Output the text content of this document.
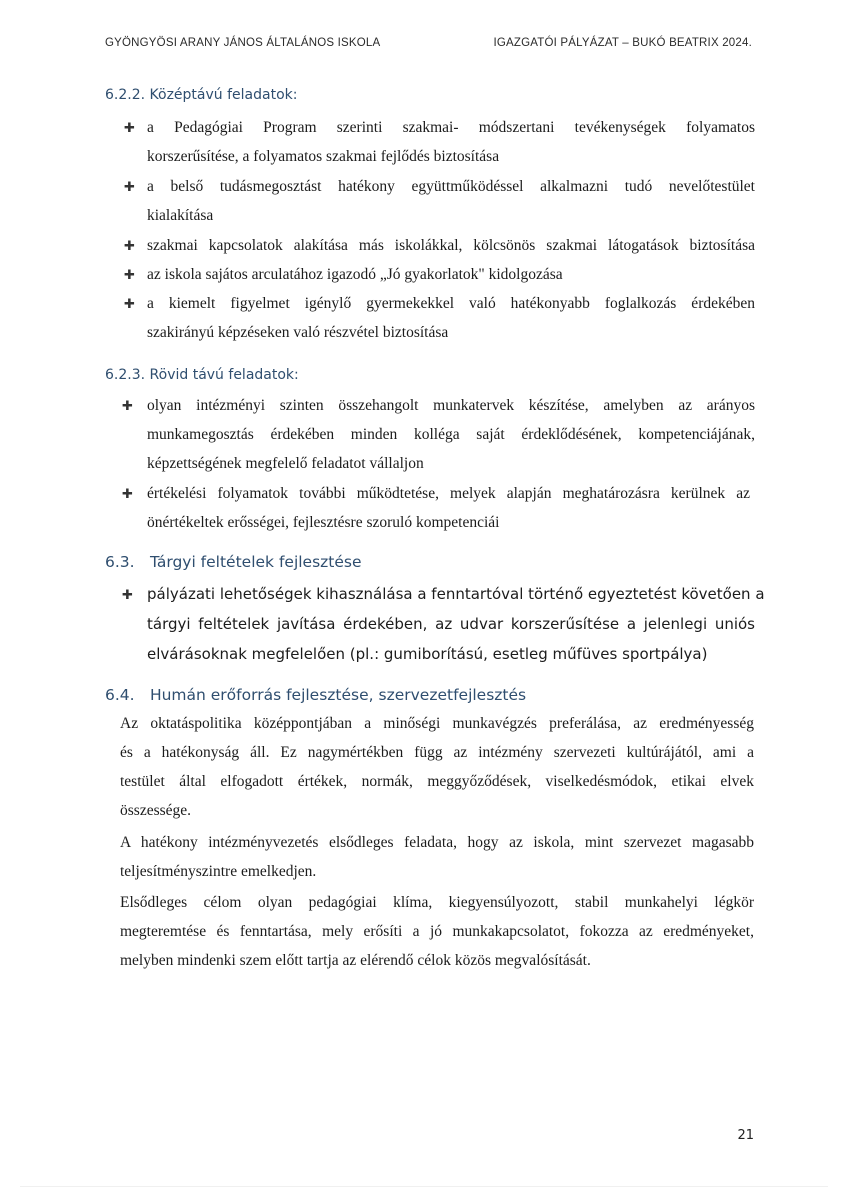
GYÖNGYÖSI ARANY JÁNOS ÁLTALÁNOS ISKOLA	IGAZGATÓI PÁLYÁZAT – BUKÓ BEATRIX 2024.
6.2.2. Középtávú feladatok:
✚ a Pedagógiai Program szerinti szakmai- módszertani tevékenységek folyamatos
korszerűsítése, a folyamatos szakmai fejlődés biztosítása
✚ a belső tudásmegosztást hatékony együttműködéssel alkalmazni tudó nevelőtestület
kialakítása
✚ szakmai kapcsolatok alakítása más iskolákkal, kölcsönös szakmai látogatások biztosítása
✚ az iskola sajátos arculatához igazodó „Jó gyakorlatok" kidolgozása
✚ a kiemelt figyelmet igénylő gyermekekkel való hatékonyabb foglalkozás érdekében
szakirányú képzéseken való részvétel biztosítása
6.2.3. Rövid távú feladatok:
✚ olyan intézményi szinten összehangolt munkatervek készítése, amelyben az arányos
munkamegosztás érdekében minden kolléga saját érdeklődésének, kompetenciájának,
képzettségének megfelelő feladatot vállaljon
✚ értékelési folyamatok további működtetése, melyek alapján meghatározásra kerülnek az
önértékeltek erősségei, fejlesztésre szoruló kompetenciái
6.3. Tárgyi feltételek fejlesztése
✚ pályázati lehetőségek kihasználása a fenntartóval történő egyeztetést követően a
tárgyi feltételek javítása érdekében, az udvar korszerűsítése a jelenlegi uniós
elvárásoknak megfelelően (pl.: gumiborítású, esetleg műfüves sportpálya)
6.4. Humán erőforrás fejlesztése, szervezetfejlesztés
Az oktatáspolitika középpontjában a minőségi munkavégzés preferálása, az eredményesség
és a hatékonyság áll. Ez nagymértékben függ az intézmény szervezeti kultúrájától, ami a
testület által elfogadott értékek, normák, meggyőződések, viselkedésmódok, etikai elvek
összessége.
A hatékony intézményvezetés elsődleges feladata, hogy az iskola, mint szervezet magasabb
teljesítményszintre emelkedjen.
Elsődleges célom olyan pedagógiai klíma, kiegyensúlyozott, stabil munkahelyi légkör
megteremtése és fenntartása, mely erősíti a jó munkakapcsolatot, fokozza az eredményeket,
melyben mindenki szem előtt tartja az elérendő célok közös megvalósítását.
21
